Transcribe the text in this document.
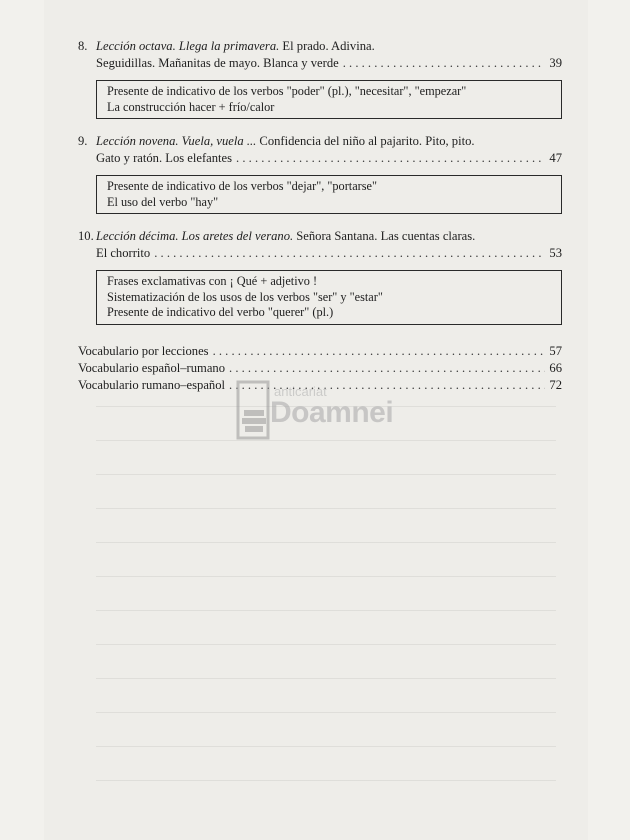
8. Lección octava. Llega la primavera. El prado. Adivina.
Seguidillas. Mañanitas de mayo. Blanca y verde . . .	39
Presente de indicativo de los verbos "poder" (pl.), "necesitar", "empezar"
La construcción hacer + frío/calor
9. Lección novena. Vuela, vuela ... Confidencia del niño al pajarito. Pito, pito.
Gato y ratón. Los elefantes . . .	47
Presente de indicativo de los verbos "dejar", "portarse"
El uso del verbo "hay"
10. Lección décima. Los aretes del verano. Señora Santana. Las cuentas claras.
El chorrito . . .	53
Frases exclamativas con ¡ Qué + adjetivo !
Sistematización de los usos de los verbos "ser" y "estar"
Presente de indicativo del verbo "querer" (pl.)
Vocabulario por lecciones . . .	57
Vocabulario español–rumano . . .	66
Vocabulario rumano–español . . .	72
anticariat
Doamnei
